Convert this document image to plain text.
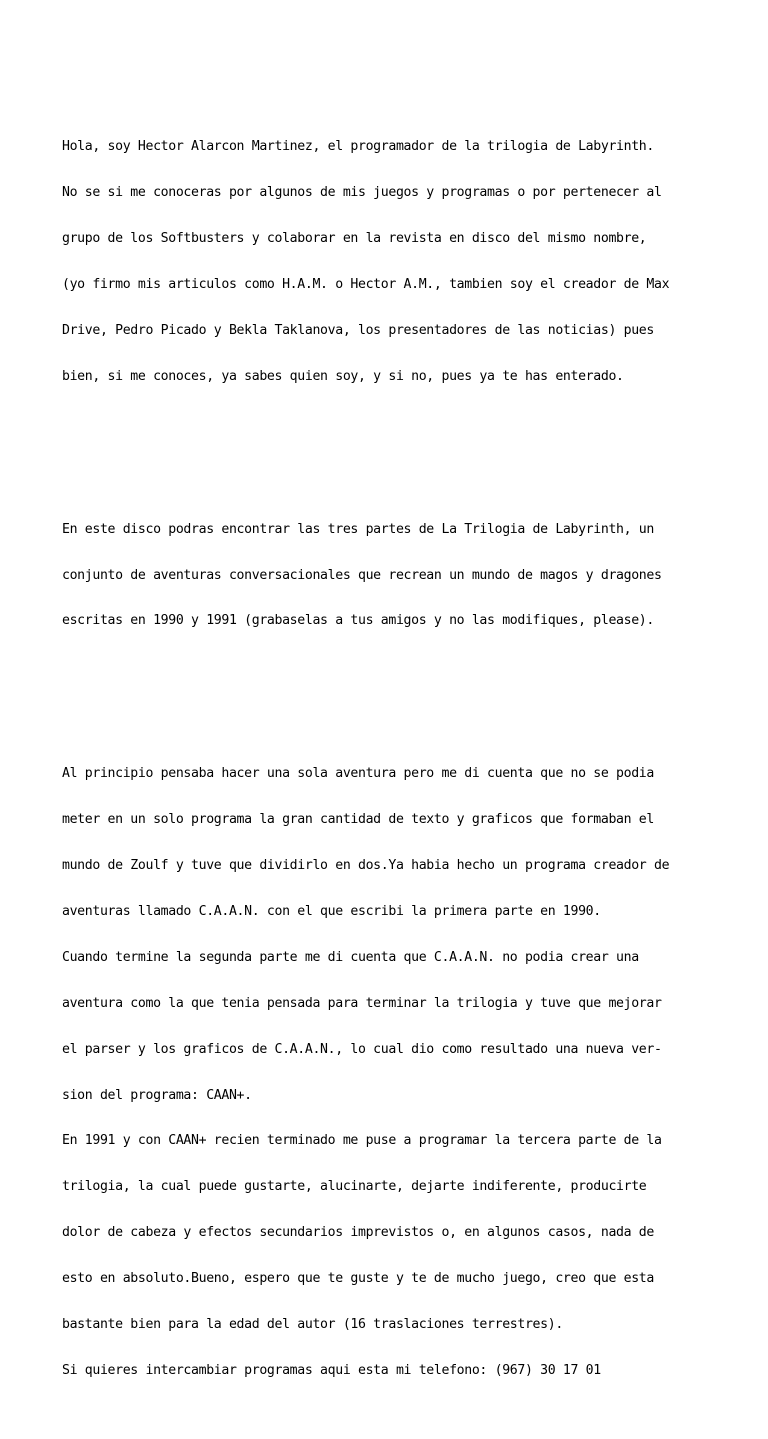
Hola, soy Hector Alarcon Martinez, el programador de la trilogia de Labyrinth.

No se si me conoceras por algunos de mis juegos y programas o por pertenecer al

grupo de los Softbusters y colaborar en la revista en disco del mismo nombre,

(yo firmo mis articulos como H.A.M. o Hector A.M., tambien soy el creador de Max

Drive, Pedro Picado y Bekla Taklanova, los presentadores de las noticias) pues

bien, si me conoces, ya sabes quien soy, y si no, pues ya te has enterado.

En este disco podras encontrar las tres partes de La Trilogia de Labyrinth, un

conjunto de aventuras conversacionales que recrean un mundo de magos y dragones

escritas en 1990 y 1991 (grabaselas a tus amigos y no las modifiques, please).

Al principio pensaba hacer una sola aventura pero me di cuenta que no se podia

meter en un solo programa la gran cantidad de texto y graficos que formaban el

mundo de Zoulf y tuve que dividirlo en dos.Ya habia hecho un programa creador de

aventuras llamado C.A.A.N. con el que escribi la primera parte en 1990.

Cuando termine la segunda parte me di cuenta que C.A.A.N. no podia crear una

aventura como la que tenia pensada para terminar la trilogia y tuve que mejorar

el parser y los graficos de C.A.A.N., lo cual dio como resultado una nueva ver-

sion del programa: CAAN+.

En 1991 y con CAAN+ recien terminado me puse a programar la tercera parte de la

trilogia, la cual puede gustarte, alucinarte, dejarte indiferente, producirte

dolor de cabeza y efectos secundarios imprevistos o, en algunos casos, nada de

esto en absoluto.Bueno, espero que te guste y te de mucho juego, creo que esta

bastante bien para la edad del autor (16 traslaciones terrestres).

Si quieres intercambiar programas aqui esta mi telefono: (967) 30 17 01
